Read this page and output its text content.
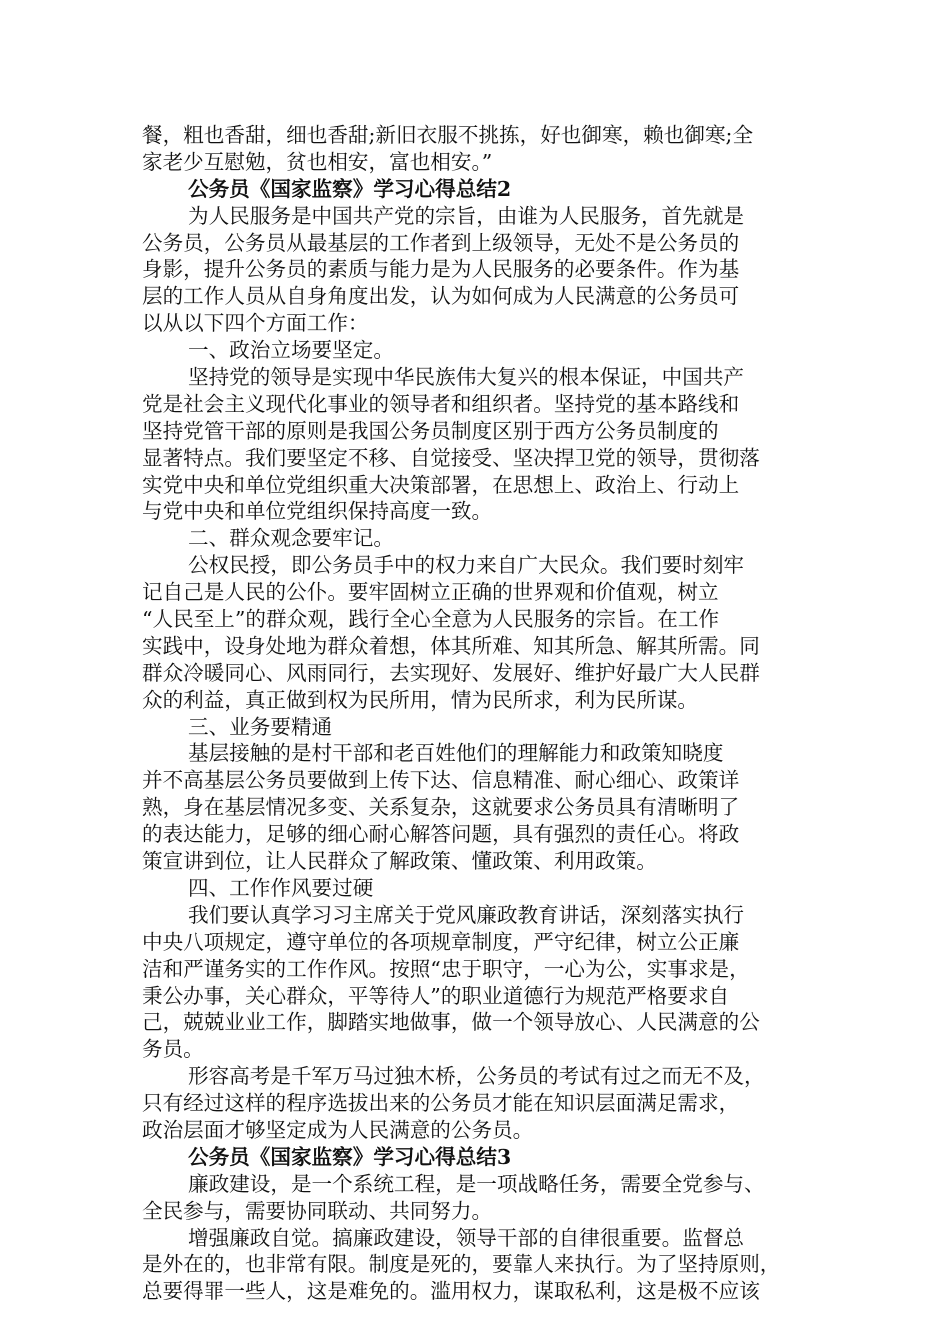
餐，粗也香甜，细也香甜;新旧衣服不挑拣，好也御寒，赖也御寒;全
家老少互慰勉，贫也相安，富也相安。”
公务员《国家监察》学习心得总结2
为人民服务是中国共产党的宗旨，由谁为人民服务，首先就是
公务员，公务员从最基层的工作者到上级领导，无处不是公务员的
身影，提升公务员的素质与能力是为人民服务的必要条件。作为基
层的工作人员从自身角度出发，认为如何成为人民满意的公务员可
以从以下四个方面工作：
一、政治立场要坚定。
坚持党的领导是实现中华民族伟大复兴的根本保证，中国共产
党是社会主义现代化事业的领导者和组织者。坚持党的基本路线和
坚持党管干部的原则是我国公务员制度区别于西方公务员制度的
显著特点。我们要坚定不移、自觉接受、坚决捍卫党的领导，贯彻落
实党中央和单位党组织重大决策部署，在思想上、政治上、行动上
与党中央和单位党组织保持高度一致。
二、群众观念要牢记。
公权民授，即公务员手中的权力来自广大民众。我们要时刻牢
记自己是人民的公仆。要牢固树立正确的世界观和价值观，树立
“人民至上”的群众观，践行全心全意为人民服务的宗旨。在工作
实践中，设身处地为群众着想，体其所难、知其所急、解其所需。同
群众冷暖同心、风雨同行，去实现好、发展好、维护好最广大人民群
众的利益，真正做到权为民所用，情为民所求，利为民所谋。
三、业务要精通
基层接触的是村干部和老百姓他们的理解能力和政策知晓度
并不高基层公务员要做到上传下达、信息精准、耐心细心、政策详
熟，身在基层情况多变、关系复杂，这就要求公务员具有清晰明了
的表达能力，足够的细心耐心解答问题，具有强烈的责任心。将政
策宣讲到位，让人民群众了解政策、懂政策、利用政策。
四、工作作风要过硬
我们要认真学习习主席关于党风廉政教育讲话，深刻落实执行
中央八项规定，遵守单位的各项规章制度，严守纪律，树立公正廉
洁和严谨务实的工作作风。按照“忠于职守，一心为公，实事求是，
秉公办事，关心群众，平等待人”的职业道德行为规范严格要求自
己，兢兢业业工作，脚踏实地做事，做一个领导放心、人民满意的公
务员。
形容高考是千军万马过独木桥，公务员的考试有过之而无不及，
只有经过这样的程序选拔出来的公务员才能在知识层面满足需求，
政治层面才够坚定成为人民满意的公务员。
公务员《国家监察》学习心得总结3
廉政建设，是一个系统工程，是一项战略任务，需要全党参与、
全民参与，需要协同联动、共同努力。
增强廉政自觉。搞廉政建设，领导干部的自律很重要。监督总
是外在的，也非常有限。制度是死的，要靠人来执行。为了坚持原则，
总要得罪一些人，这是难免的。滥用权力，谋取私利，这是极不应该
